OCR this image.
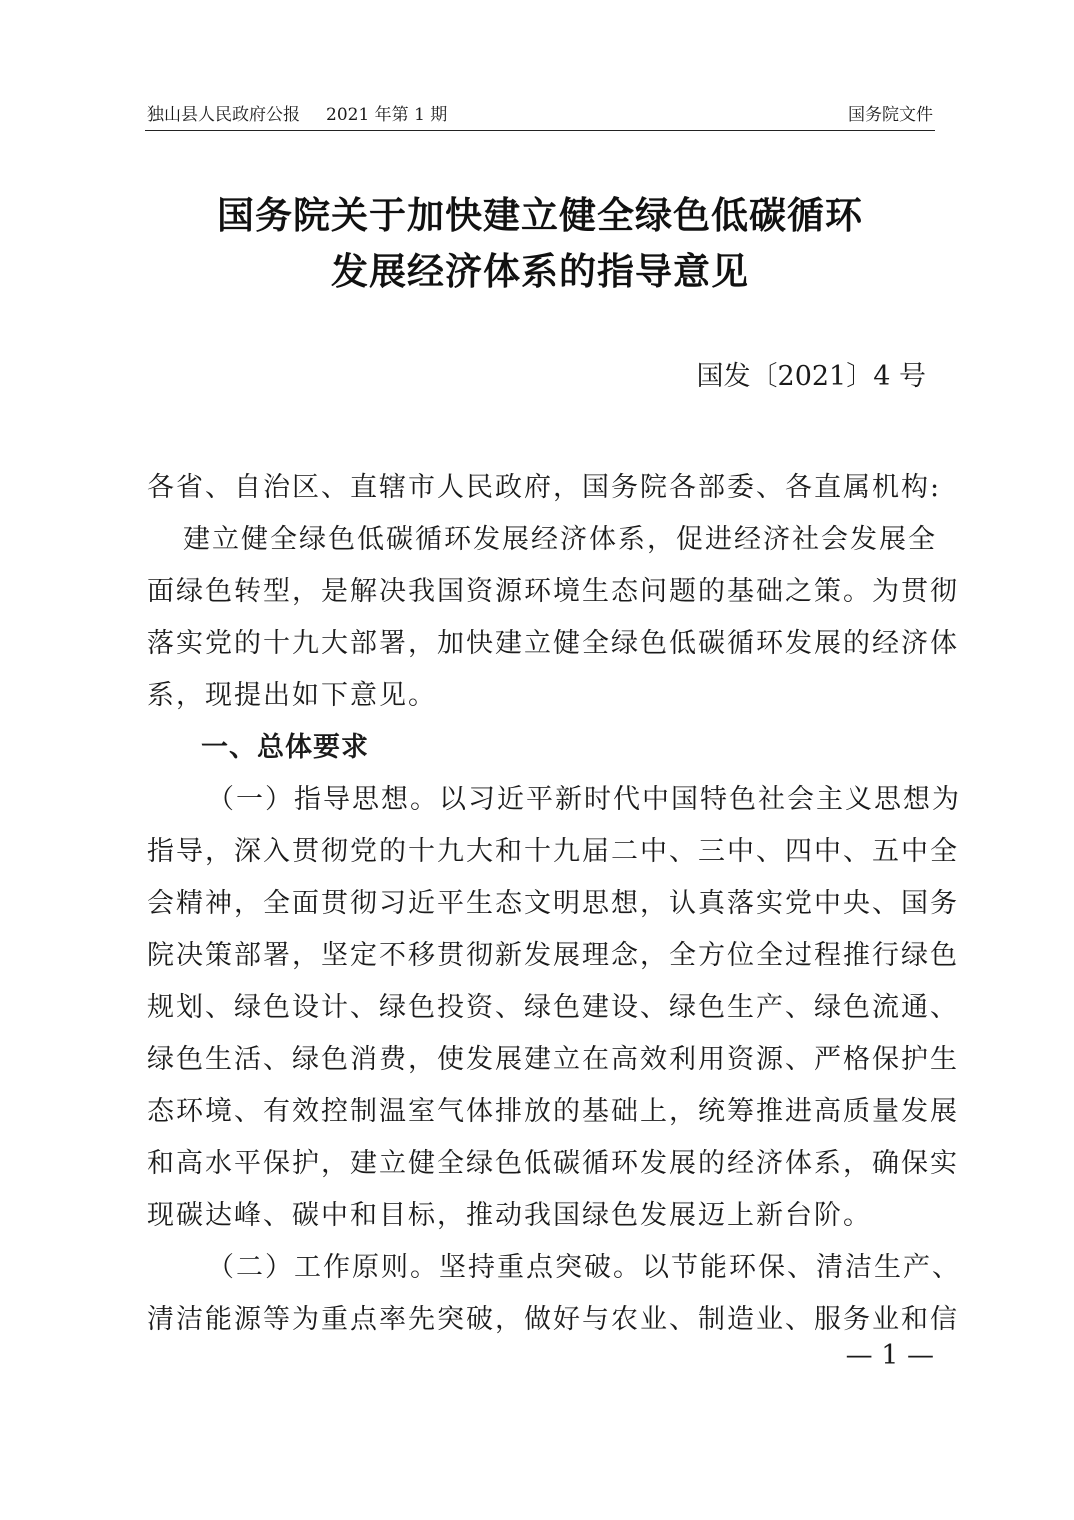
独山县人民政府公报 2021 年第 1 期	国务院文件
国务院关于加快建立健全绿色低碳循环
发展经济体系的指导意见
国发〔2021〕4 号
各省、自治区、直辖市人民政府，国务院各部委、各直属机构:
建立健全绿色低碳循环发展经济体系，促进经济社会发展全
面绿色转型，是解决我国资源环境生态问题的基础之策。为贯彻
落实党的十九大部署，加快建立健全绿色低碳循环发展的经济体
系，现提出如下意见。
一、总体要求
（一）指导思想。以习近平新时代中国特色社会主义思想为
指导，深入贯彻党的十九大和十九届二中、三中、四中、五中全
会精神，全面贯彻习近平生态文明思想，认真落实党中央、国务
院决策部署，坚定不移贯彻新发展理念，全方位全过程推行绿色
规划、绿色设计、绿色投资、绿色建设、绿色生产、绿色流通、
绿色生活、绿色消费，使发展建立在高效利用资源、严格保护生
态环境、有效控制温室气体排放的基础上，统筹推进高质量发展
和高水平保护，建立健全绿色低碳循环发展的经济体系，确保实
现碳达峰、碳中和目标，推动我国绿色发展迈上新台阶。
（二）工作原则。坚持重点突破。以节能环保、清洁生产、
清洁能源等为重点率先突破，做好与农业、制造业、服务业和信
— 1 —
